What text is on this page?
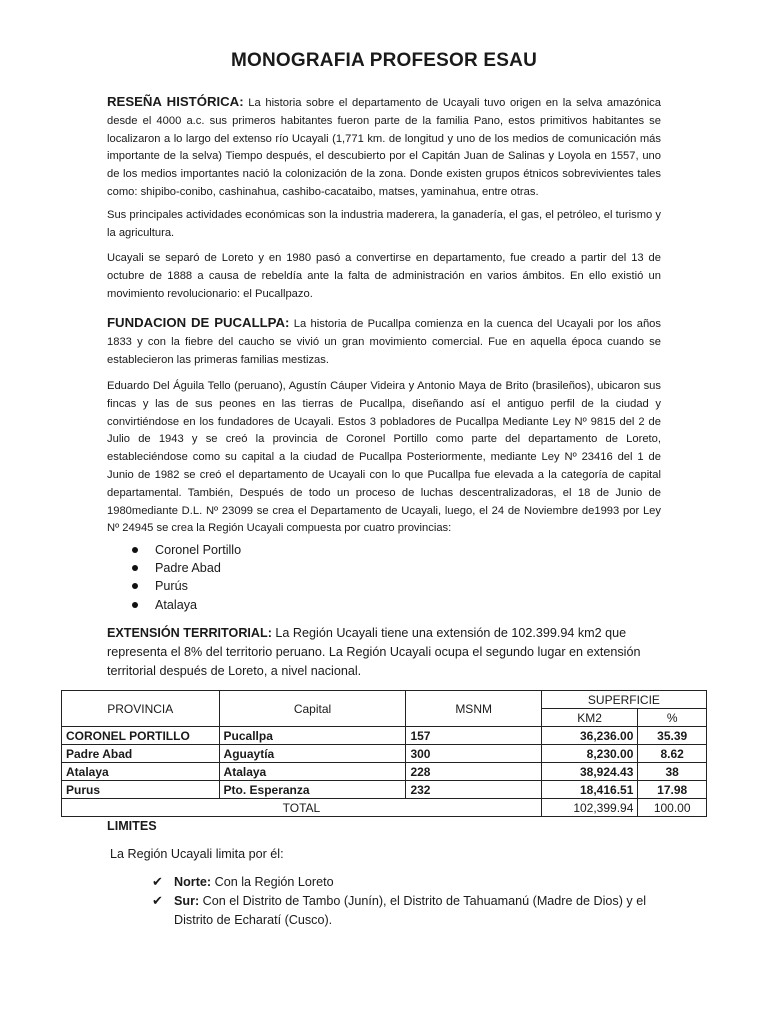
MONOGRAFIA PROFESOR ESAU
RESEÑA HISTÓRICA: La historia sobre el departamento de Ucayali tuvo origen en la selva amazónica desde el 4000 a.c. sus primeros habitantes fueron parte de la familia Pano, estos primitivos habitantes se localizaron a lo largo del extenso río Ucayali (1,771 km. de longitud y uno de los medios de comunicación más importante de la selva) Tiempo después, el descubierto por el Capitán Juan de Salinas y Loyola en 1557, uno de los medios importantes nació la colonización de la zona. Donde existen grupos étnicos sobrevivientes tales como: shipibo-conibo, cashinahua, cashibo-cacataibo, matses, yaminahua, entre otras.
Sus principales actividades económicas son la industria maderera, la ganadería, el gas, el petróleo, el turismo y la agricultura.
Ucayali se separó de Loreto y en 1980 pasó a convertirse en departamento, fue creado a partir del 13 de octubre de 1888 a causa de rebeldía ante la falta de administración en varios ámbitos. En ello existió un movimiento revolucionario: el Pucallpazo.
FUNDACION DE PUCALLPA: La historia de Pucallpa comienza en la cuenca del Ucayali por los años 1833 y con la fiebre del caucho se vivió un gran movimiento comercial. Fue en aquella época cuando se establecieron las primeras familias mestizas.
Eduardo Del Águila Tello (peruano), Agustín Cáuper Videira y Antonio Maya de Brito (brasileños), ubicaron sus fincas y las de sus peones en las tierras de Pucallpa, diseñando así el antiguo perfil de la ciudad y convirtiéndose en los fundadores de Ucayali. Estos 3 pobladores de Pucallpa Mediante Ley Nº 9815 del 2 de Julio de 1943 y se creó la provincia de Coronel Portillo como parte del departamento de Loreto, estableciéndose como su capital a la ciudad de Pucallpa Posteriormente, mediante Ley Nº 23416 del 1 de Junio de 1982 se creó el departamento de Ucayali con lo que Pucallpa fue elevada a la categoría de capital departamental. También, Después de todo un proceso de luchas descentralizadoras, el 18 de Junio de 1980mediante D.L. Nº 23099 se crea el Departamento de Ucayali, luego, el 24 de Noviembre de1993 por Ley Nº 24945 se crea la Región Ucayali compuesta por cuatro provincias:
Coronel Portillo
Padre Abad
Purús
Atalaya
EXTENSIÓN TERRITORIAL: La Región Ucayali tiene una extensión de 102.399.94 km2 que representa el 8% del territorio peruano. La Región Ucayali ocupa el segundo lugar en extensión territorial después de Loreto, a nivel nacional.
PROVINCIA	Capital	MSNM	SUPERFICIE	
			KM2	%
CORONEL PORTILLO	Pucallpa	157	36,236.00	35.39
Padre Abad	Aguaytía	300	8,230.00	8.62
Atalaya	Atalaya	228	38,924.43	38
Purus	Pto. Esperanza	232	18,416.51	17.98
TOTAL			102,399.94	100.00
LIMITES
La Región Ucayali limita por él:
✔ Norte: Con la Región Loreto
✔ Sur: Con el Distrito de Tambo (Junín), el Distrito de Tahuamanú (Madre de Dios) y el Distrito de Echaratí (Cusco).
